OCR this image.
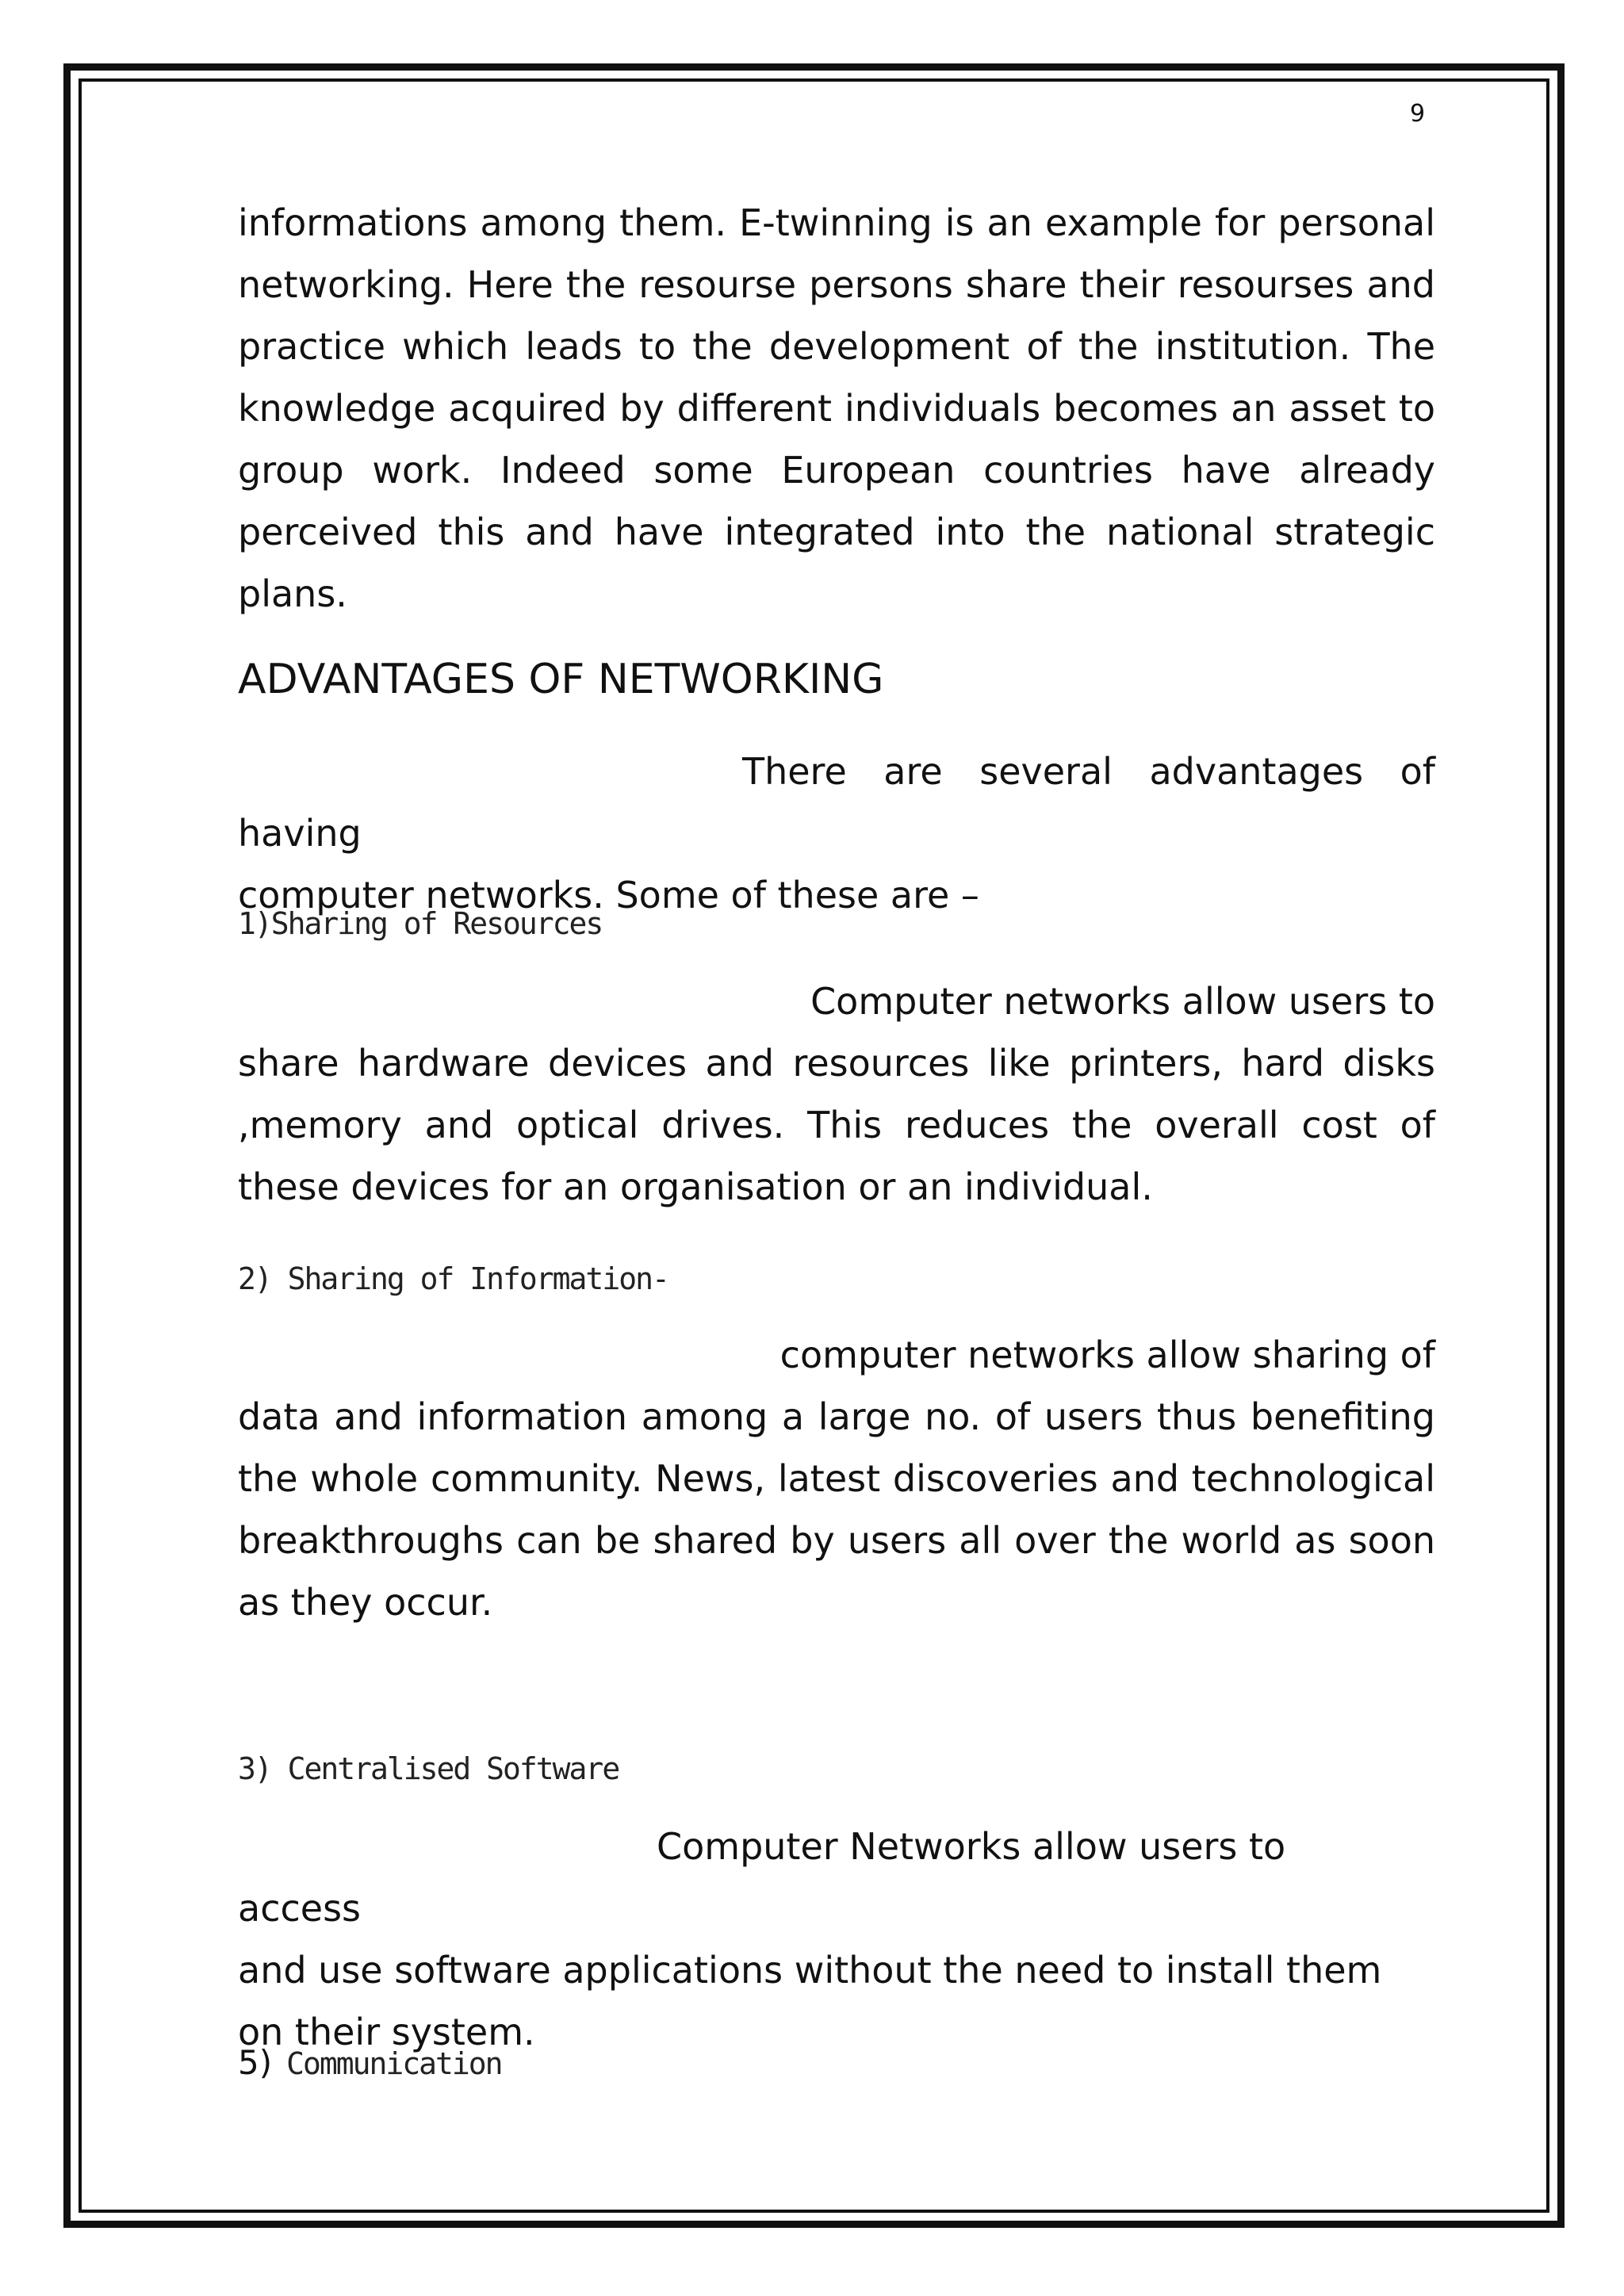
9

informations among them. E-twinning is an example for personal networking. Here the resourse persons share their resourses and practice which leads to the development of the institution. The knowledge acquired by different individuals becomes an asset to group work. Indeed some European countries have already perceived this and have integrated into the national strategic plans.

ADVANTAGES OF NETWORKING

There are several advantages of having

computer networks. Some of these are –

1)Sharing of Resources

Computer networks allow users to

share hardware devices and resources like printers, hard disks ,memory and optical drives. This reduces the overall cost of these devices for an organisation or an individual.

2) Sharing of Information-

computer networks allow sharing of

data and information among a large no. of users thus benefiting the whole community. News, latest discoveries and technological breakthroughs can be shared by users all over the world as soon as they occur.

3) Centralised Software

Computer Networks allow users to access

and use software applications without the need to install them on their system.

5) Communication
